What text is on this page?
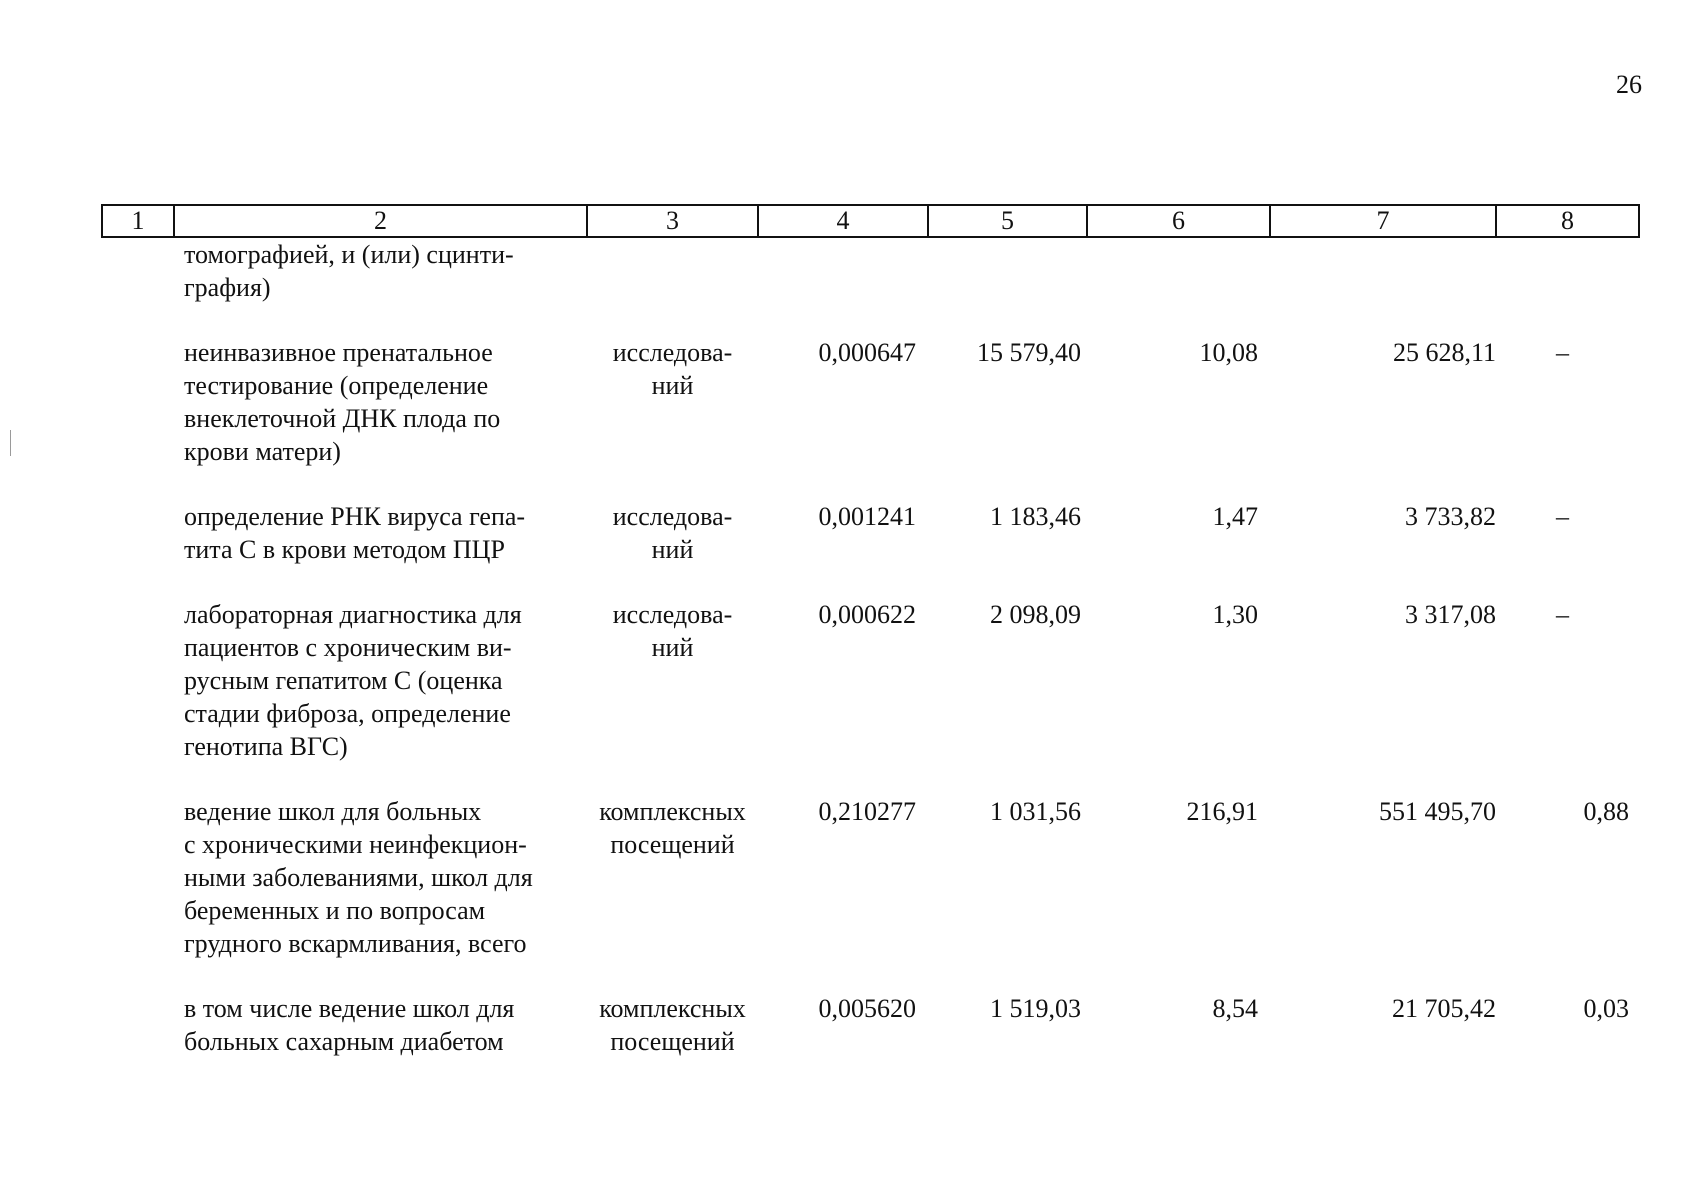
26
1	2	3	4	5	6	7	8

	томографией, и (или) сцинти-
графия)						

	неинвазивное пренатальное
тестирование (определение
внеклеточной ДНК плода по
крови матери)	исследова-
ний	0,000647	15 579,40	10,08	25 628,11	–

	определение РНК вируса гепа-
тита С в крови методом ПЦР	исследова-
ний	0,001241	1 183,46	1,47	3 733,82	–

	лабораторная диагностика для
пациентов с хроническим ви-
русным гепатитом С (оценка
стадии фиброза, определение
генотипа ВГС)	исследова-
ний	0,000622	2 098,09	1,30	3 317,08	–

	ведение школ для больных
с хроническими неинфекцион-
ными заболеваниями, школ для
беременных и по вопросам
грудного вскармливания, всего	комплексных
посещений	0,210277	1 031,56	216,91	551 495,70	0,88

	в том числе ведение школ для
больных сахарным диабетом	комплексных
посещений	0,005620	1 519,03	8,54	21 705,42	0,03
